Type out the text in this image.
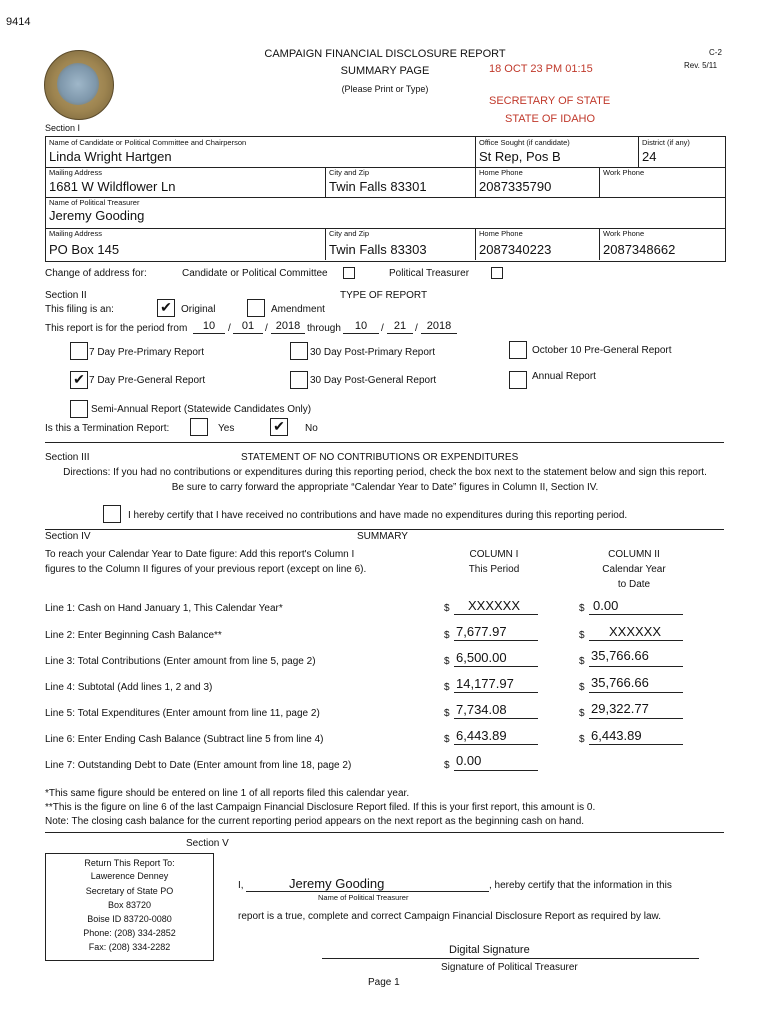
9414
CAMPAIGN FINANCIAL DISCLOSURE REPORT
SUMMARY PAGE
(Please Print or Type)
18 OCT 23 PM 01:15
SECRETARY OF STATE
STATE OF IDAHO
C-2
Rev. 5/11
Section I
Name of Candidate or Political Committee and Chairperson
Linda Wright Hartgen
Office Sought (if candidate)
St Rep, Pos B
District (if any)
24
Mailing Address
1681 W Wildflower Ln
City and Zip
Twin Falls 83301
Home Phone
2087335790
Work Phone
Name of Political Treasurer
Jeremy Gooding
Mailing Address
PO Box 145
City and Zip
Twin Falls 83303
Home Phone
2087340223
Work Phone
2087348662
Change of address for:	Candidate or Political Committee	Political Treasurer
Section II	TYPE OF REPORT
This filing is an:	✔ Original	Amendment
This report is for the period from	10	/	01	/ 2018 through	10	/ 21 / 2018
7 Day Pre-Primary Report	30 Day Post-Primary Report	October 10 Pre-General Report
✔ 7 Day Pre-General Report	30 Day Post-General Report	Annual Report
Semi-Annual Report (Statewide Candidates Only)
Is this a Termination Report:	Yes	✔	No
Section III	STATEMENT OF NO CONTRIBUTIONS OR EXPENDITURES
Directions: If you had no contributions or expenditures during this reporting period, check the box next to the statement below and sign this report.
Be sure to carry forward the appropriate “Calendar Year to Date” figures in Column II, Section IV.
I hereby certify that I have received no contributions and have made no expenditures during this reporting period.
Section IV	SUMMARY
To reach your Calendar Year to Date figure: Add this report's Column I
figures to the Column II figures of your previous report (except on line 6).
COLUMN I
This Period
COLUMN II
Calendar Year
to Date
Line 1: Cash on Hand January 1, This Calendar Year*	$ XXXXXX	$ 0.00
Line 2: Enter Beginning Cash Balance**	$ 7,677.97	$ XXXXXX
Line 3: Total Contributions (Enter amount from line 5, page 2)	$ 6,500.00	$ 35,766.66
Line 4: Subtotal (Add lines 1, 2 and 3)	$ 14,177.97	$ 35,766.66
Line 5: Total Expenditures (Enter amount from line 11, page 2)	$ 7,734.08	$ 29,322.77
Line 6: Enter Ending Cash Balance (Subtract line 5 from line 4)	$ 6,443.89	$ 6,443.89
Line 7: Outstanding Debt to Date (Enter amount from line 18, page 2)	$ 0.00
*This same figure should be entered on line 1 of all reports filed this calendar year.
**This is the figure on line 6 of the last Campaign Financial Disclosure Report filed. If this is your first report, this amount is 0.
Note: The closing cash balance for the current reporting period appears on the next report as the beginning cash on hand.
Section V
Return This Report To:
Lawerence Denney
Secretary of State PO
Box 83720
Boise ID 83720-0080
Phone: (208) 334-2852
Fax: (208) 334-2282
I,	Jeremy Gooding	, hereby certify that the information in this
Name of Political Treasurer
report is a true, complete and correct Campaign Financial Disclosure Report as required by law.
Digital Signature
Signature of Political Treasurer
Page 1
